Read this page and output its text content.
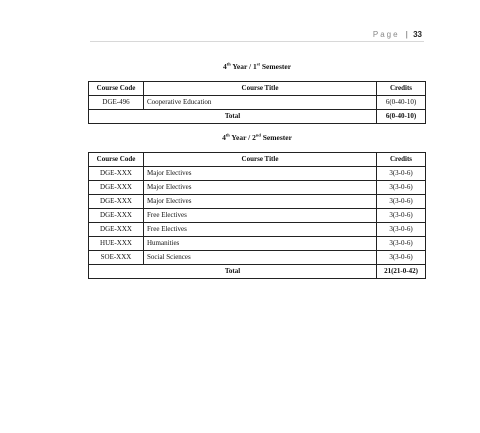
Page | 33
4th Year / 1st Semester
Course Code	Course Title	Credits
DGE-496	Cooperative Education	6(0-40-10)
Total		6(0-40-10)
4th Year / 2nd Semester
Course Code	Course Title	Credits
DGE-XXX	Major Electives	3(3-0-6)
DGE-XXX	Major Electives	3(3-0-6)
DGE-XXX	Major Electives	3(3-0-6)
DGE-XXX	Free Electives	3(3-0-6)
DGE-XXX	Free Electives	3(3-0-6)
HUE-XXX	Humanities	3(3-0-6)
SOE-XXX	Social Sciences	3(3-0-6)
Total		21(21-0-42)
